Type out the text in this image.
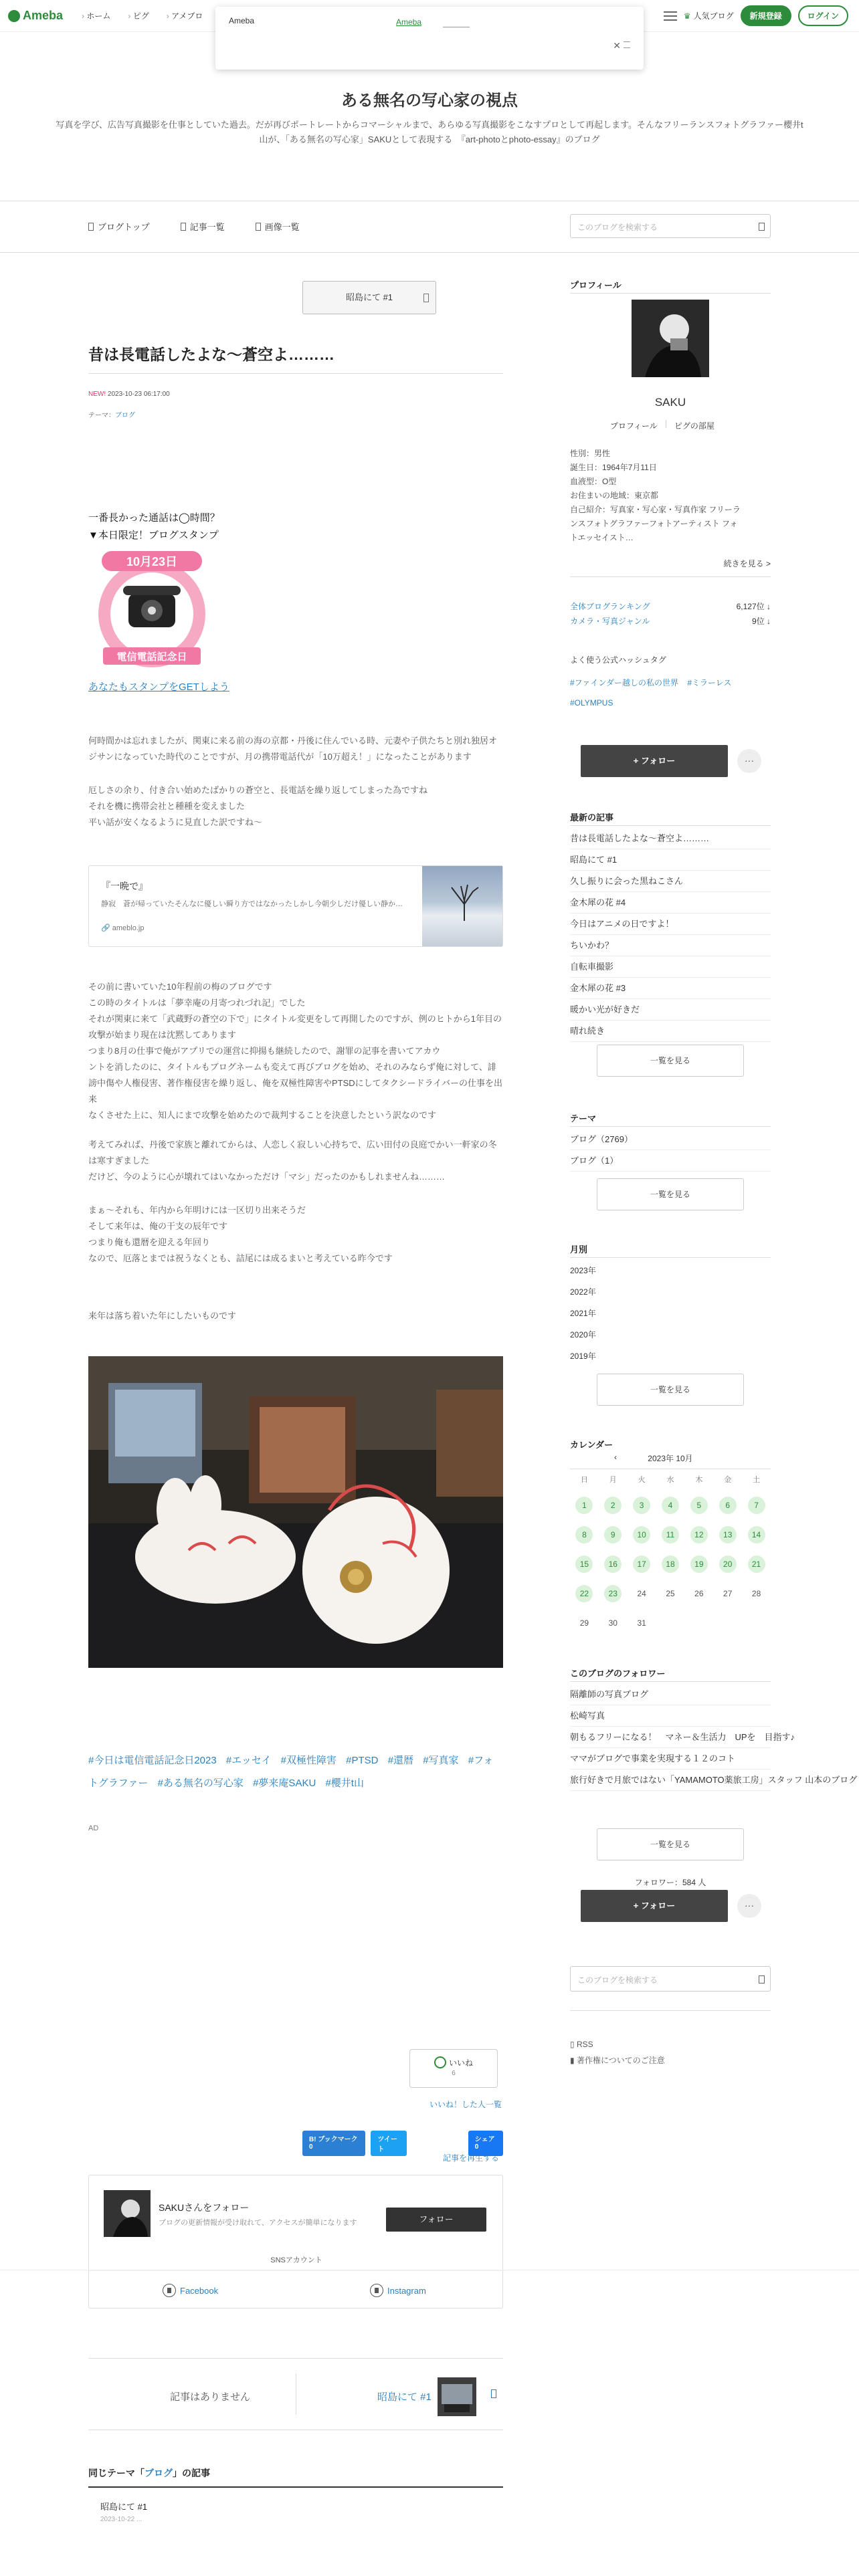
Ameba	› ホーム	› ピグ	› アメブロ	♛ 人気ブログ	新規登録	ログイン
Ameba	Ameba
✕
ある無名の写心家の視点
写真を学び、広告写真撮影を仕事としていた過去。だが再びポートレートからコマーシャルまで、あらゆる写真撮影をこなすプロとして再起します。そんなフリーランスフォトグラファー櫻井t山が、「ある無名の写心家」SAKUとして表現する　『art-photoとphoto-essay』のブログ
ブログトップ	記事一覧	画像一覧	このブログを検索する
昭島にて #1
昔は長電話したよな〜蒼空よ………
NEW! 2023-10-23 06:17:00
テーマ：ブログ
一番長かった通話は◯時間？
▼本日限定！ブログスタンプ
10月23日
電信電話記念日
あなたもスタンプをGETしよう
何時間かは忘れましたが、関東に来る前の海の京都・丹後に住んでいる時、元妻や子供たちと別れ独居オ
ジサンになっていた時代のことですが、月の携帯電話代が「10万超え！」になったことがあります
厄しさの余り、付き合い始めたばかりの蒼空と、長電話を繰り返してしまった為ですね
それを機に携帯会社と種種を変えました
平い話が安くなるように見直した訳ですね〜
『一晩で』
静寂　蒼が帰っていたそんなに優しい瞬り方ではなかったしかし今朝少しだけ優しい静か…
🔗 ameblo.jp
その前に書いていた10年程前の梅のブログです
この時のタイトルは「夢幸庵の月寄つれづれ記」でした
それが関東に来て「武蔵野の蒼空の下で」にタイトル変更をして再開したのですが、例のヒトから1年目の
攻撃が始まり現在は沈黙してあります
つまり8月の仕事で俺がアプリでの運営に抑揚も継続したので、謝罪の記事を書いてアカウ
ントを消したのに、タイトルもブログネームも変えて再びブログを始め、それのみならず俺に対して、誹
謗中傷や人権侵害、著作権侵害を繰り返し、俺を双極性障害やPTSDにしてタクシードライバーの仕事を出来
なくさせた上に、知人にまで攻撃を始めたので裁判することを決意したという訳なのです
考えてみれば、丹後で家族と離れてからは、人恋しく寂しい心持ちで、広い田付の良庭でかい一軒家の冬
は寒すぎました
だけど、今のように心が壊れてはいなかっただけ「マシ」だったのかもしれませんね………
まぁ〜それも、年内から年明けには一区切り出来そうだ
そして来年は、俺の干支の辰年です
つまり俺も還暦を迎える年回り
なので、厄落とまでは祝うなくとも、詰尾には成るまいと考えている昨今です
来年は落ち着いた年にしたいものです
#今日は電信電話記念日2023 #エッセイ #双極性障害 #PTSD #還暦 #写真家 #フォトグラファー #ある無名の写心家 #夢来庵SAKU #櫻井t山
AD
いいね
6
いいね！した人一覧
B! ブックマーク　0
ツイート
シェア 0
記事を再生する
SAKUさんをフォロー
ブログの更新情報が受け取れて、アクセスが簡単になります	フォロー
SNSアカウント
Facebook	Instagram
記事はありません	昭島にて #1
同じテーマ「ブログ」の記事
昭島にて #1
2023-10-22 ...
プロフィール
SAKU
プロフィール ピグの部屋
性別：男性
誕生日：1964年7月11日
血液型：O型
お住まいの地域：東京都
自己紹介：写真家・写心家・写真作家 フリーラ
ンスフォトグラファーフォトアーティスト フォ
トエッセイスト…
続きを見る >
全体ブログランキング	6,127位 ↓
カメラ・写真ジャンル	9位 ↓
よく使う公式ハッシュタグ
#ファインダー越しの私の世界 #ミラーレス #OLYMPUS
+ フォロー	···
最新の記事
昔は長電話したよな〜蒼空よ………
昭島にて #1
久し振りに会った黒ねこさん
金木犀の花 #4
今日はアニメの日ですよ！
ちいかわ？
自転車撮影
金木犀の花 #3
暖かい光が好きだ
晴れ続き
一覧を見る
テーマ
ブログ（2769）
ブログ（1）
一覧を見る
月別
2023年
2022年
2021年
2020年
2019年
一覧を見る
カレンダー
‹	2023年 10月
日	月	火	水	木	金	土
1	2	3	4	5	6	7
8	9	10	11	12	13	14
15	16	17	18	19	20	21
22	23	24	25	26	27	28
29	30	31
このブログのフォロワー
隔離師の写真ブログ
松崎写真
朝もるフリーになる！　マネー＆生活力　UPを　目指す♪
ママがブログで事業を実現する１２のコト
旅行好きで月旅ではない「YAMAMOTO薬旅工房」スタッフ 山本のブログ
一覧を見る
フォロワー：584 人
+ フォロー	···
このブログを検索する
▯ RSS
▮ 著作権についてのご注意
